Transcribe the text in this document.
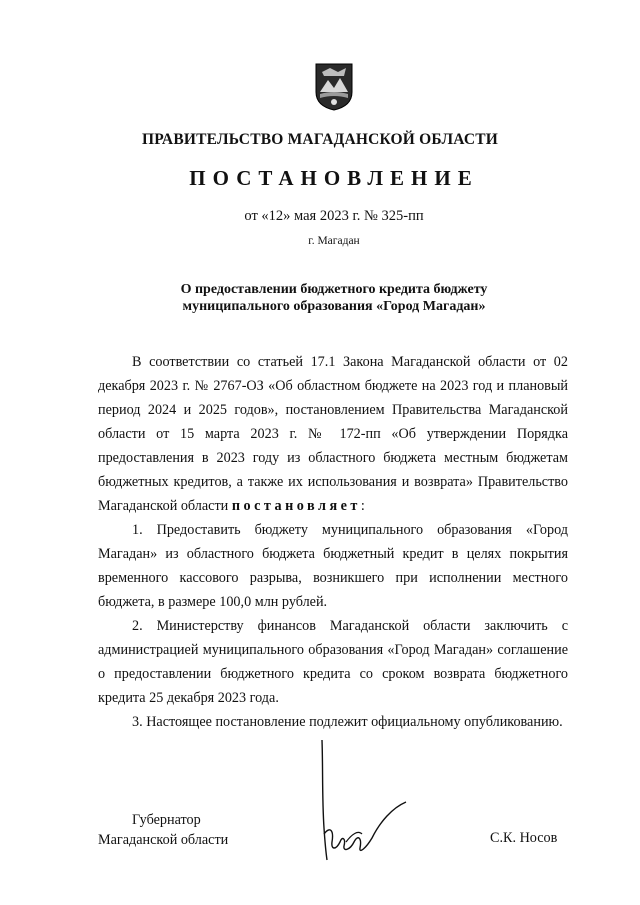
ПРАВИТЕЛЬСТВО МАГАДАНСКОЙ ОБЛАСТИ
ПОСТАНОВЛЕНИЕ
от «12» мая 2023 г. № 325-пп
г. Магадан
О предоставлении бюджетного кредита бюджету
муниципального образования «Город Магадан»

В соответствии со статьей 17.1 Закона Магаданской области от 02 декабря 2023 г. № 2767-ОЗ «Об областном бюджете на 2023 год и плановый период 2024 и 2025 годов», постановлением Правительства Магаданской области от 15 марта 2023 г. № 172-пп «Об утверждении Порядка предоставления в 2023 году из областного бюджета местным бюджетам бюджетных кредитов, а также их использования и возврата» Правительство Магаданской области постановляет:

1. Предоставить бюджету муниципального образования «Город Магадан» из областного бюджета бюджетный кредит в целях покрытия временного кассового разрыва, возникшего при исполнении местного бюджета, в размере 100,0 млн рублей.

2. Министерству финансов Магаданской области заключить с администрацией муниципального образования «Город Магадан» соглашение о предоставлении бюджетного кредита со сроком возврата бюджетного кредита 25 декабря 2023 года.

3. Настоящее постановление подлежит официальному опубликованию.

Губернатор
Магаданской области	С.К. Носов
